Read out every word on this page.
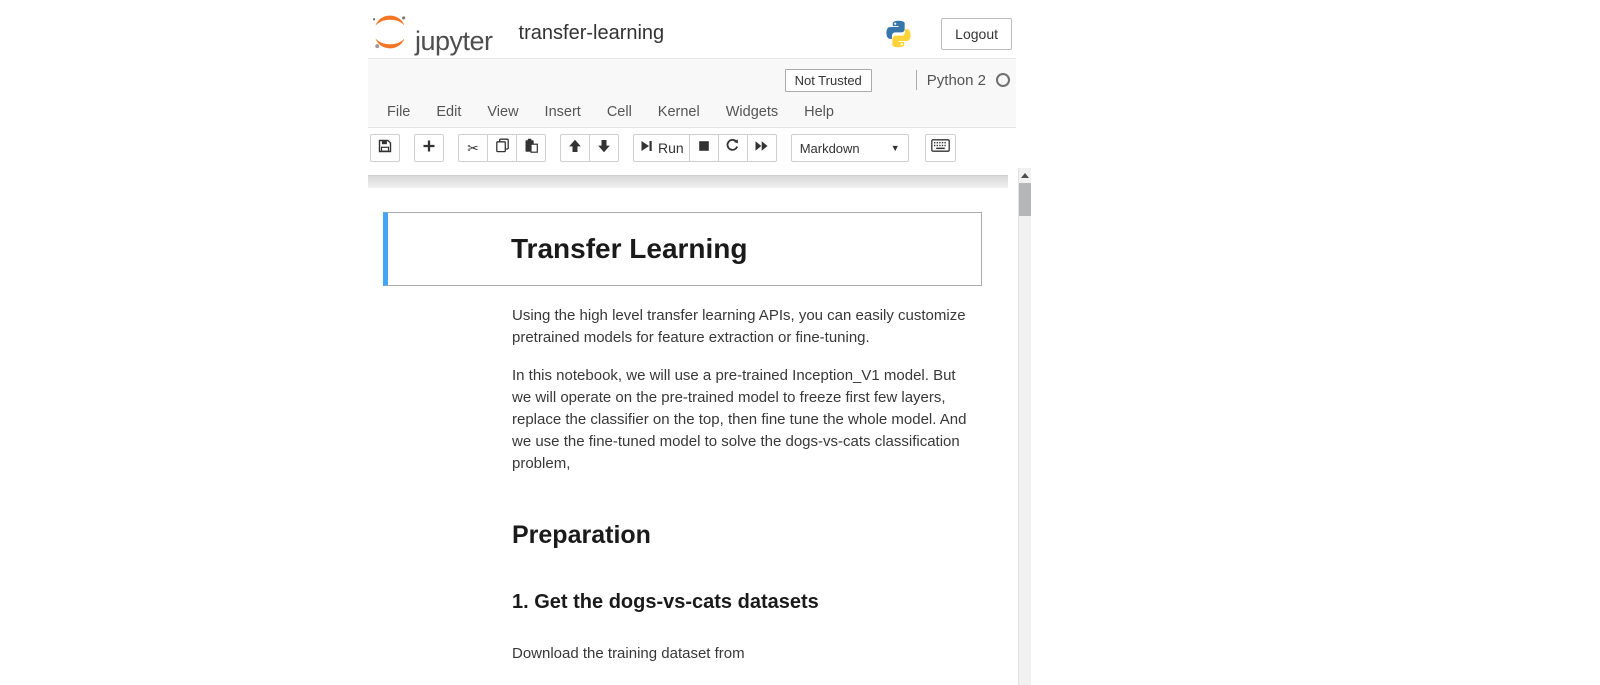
jupyter transfer-learning	Logout
Not Trusted	Python 2
File	Edit	View	Insert	Cell	Kernel	Widgets	Help
✂	Run	Markdown	▼
Transfer Learning

Using the high level transfer learning APIs, you can easily customize pretrained models for feature extraction or fine-tuning.

In this notebook, we will use a pre-trained Inception_V1 model. But we will operate on the pre-trained model to freeze first few layers, replace the classifier on the top, then fine tune the whole model. And we use the fine-tuned model to solve the dogs-vs-cats classification problem,

Preparation
1. Get the dogs-vs-cats datasets

Download the training dataset from
